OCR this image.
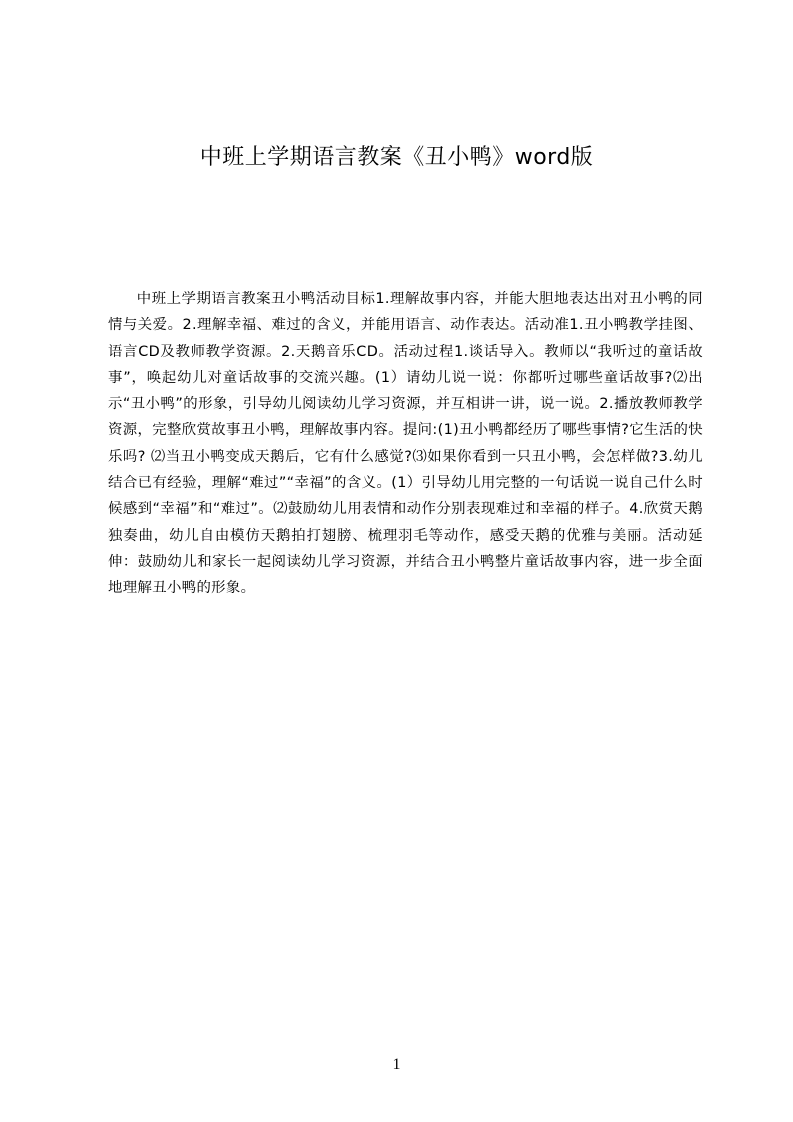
中班上学期语言教案《丑小鸭》word版

中班上学期语言教案丑小鸭活动目标1.理解故事内容，并能大胆地表达出对丑小鸭的同情与关爱。2.理解幸福、难过的含义，并能用语言、动作表达。活动准1.丑小鸭教学挂图、语言CD及教师教学资源。2.天鹅音乐CD。活动过程1.谈话导入。教师以“我听过的童话故事”，唤起幼儿对童话故事的交流兴趣。(1）请幼儿说一说：你都听过哪些童话故事?⑵出示“丑小鸭”的形象，引导幼儿阅读幼儿学习资源，并互相讲一讲，说一说。2.播放教师教学资源，完整欣赏故事丑小鸭，理解故事内容。提问:(1)丑小鸭都经历了哪些事情?它生活的快乐吗? ⑵当丑小鸭变成天鹅后，它有什么感觉?⑶如果你看到一只丑小鸭，会怎样做?3.幼儿结合已有经验，理解“难过”“幸福”的含义。(1）引导幼儿用完整的一句话说一说自己什么时候感到“幸福”和“难过”。⑵鼓励幼儿用表情和动作分别表现难过和幸福的样子。4.欣赏天鹅独奏曲，幼儿自由模仿天鹅拍打翅膀、梳理羽毛等动作，感受天鹅的优雅与美丽。活动延伸：鼓励幼儿和家长一起阅读幼儿学习资源，并结合丑小鸭整片童话故事内容，进一步全面地理解丑小鸭的形象。

1
